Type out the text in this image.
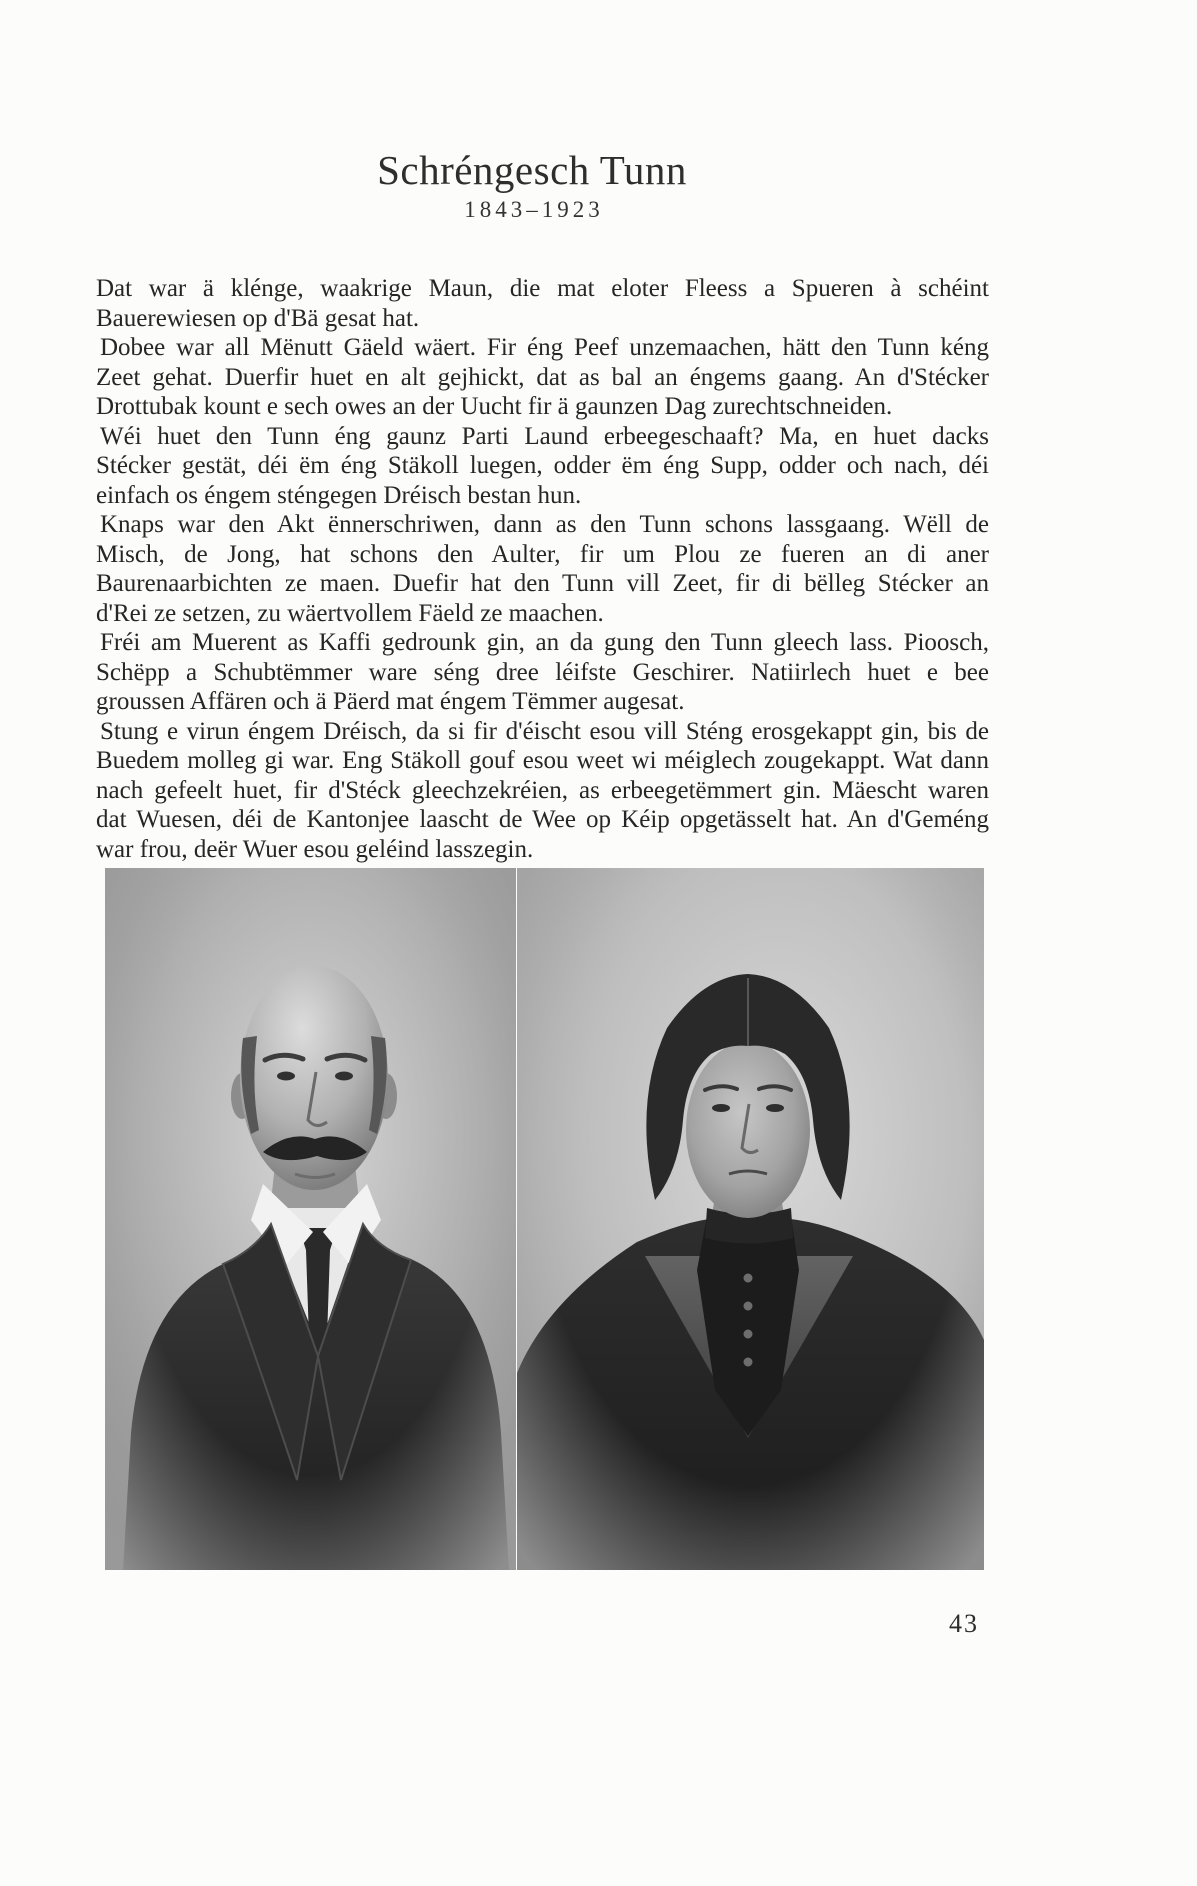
Schréngesch Tunn
1843–1923
Dat war ä klénge, waakrige Maun, die mat eloter Fleess a Spueren à schéint
Bauerewiesen op d'Bä gesat hat.
Dobee war all Mënutt Gäeld wäert. Fir éng Peef unzemaachen, hätt den Tunn kéng
Zeet gehat. Duerfir huet en alt gejhickt, dat as bal an éngems gaang. An d'Stécker
Drottubak kount e sech owes an der Uucht fir ä gaunzen Dag zurechtschneiden.
Wéi huet den Tunn éng gaunz Parti Laund erbeegeschaaft? Ma, en huet dacks
Stécker gestät, déi ëm éng Stäkoll luegen, odder ëm éng Supp, odder och nach, déi
einfach os éngem sténgegen Dréisch bestan hun.
Knaps war den Akt ënnerschriwen, dann as den Tunn schons lassgaang. Wëll de
Misch, de Jong, hat schons den Aulter, fir um Plou ze fueren an di aner
Baurenaarbichten ze maen. Duefir hat den Tunn vill Zeet, fir di bëlleg Stécker an
d'Rei ze setzen, zu wäertvollem Fäeld ze maachen.
Fréi am Muerent as Kaffi gedrounk gin, an da gung den Tunn gleech lass. Pioosch,
Schëpp a Schubtëmmer ware séng dree léifste Geschirer. Natiirlech huet e bee
groussen Affären och ä Päerd mat éngem Tëmmer augesat.
Stung e virun éngem Dréisch, da si fir d'éischt esou vill Sténg erosgekappt gin, bis de
Buedem molleg gi war. Eng Stäkoll gouf esou weet wi méiglech zougekappt. Wat dann
nach gefeelt huet, fir d'Stéck gleechzekréien, as erbeegetëmmert gin. Mäescht waren
dat Wuesen, déi de Kantonjee laascht de Wee op Kéip opgetässelt hat. An d'Geméng
war frou, deër Wuer esou geléind lasszegin.
43
